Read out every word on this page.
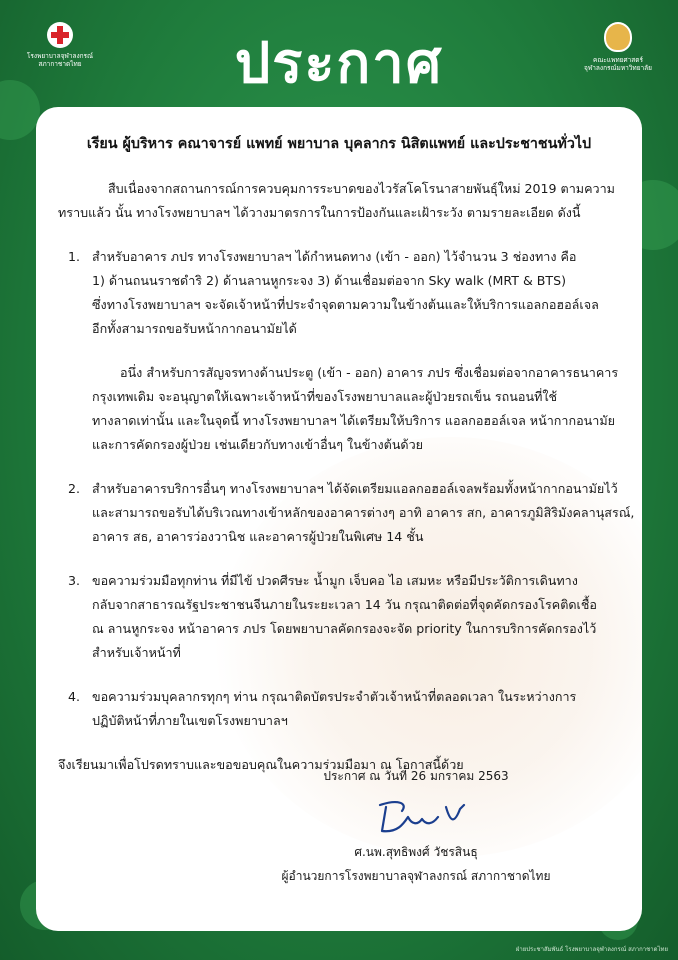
โรงพยาบาลจุฬาลงกรณ์
สภากาชาดไทย	ประกาศ	คณะแพทยศาสตร์
จุฬาลงกรณ์มหาวิทยาลัย
เรียน ผู้บริหาร คณาจารย์ แพทย์ พยาบาล บุคลากร นิสิตแพทย์ และประชาชนทั่วไป
สืบเนื่องจากสถานการณ์การควบคุมการระบาดของไวรัสโคโรนาสายพันธุ์ใหม่ 2019 ตามความ
ทราบแล้ว นั้น ทางโรงพยาบาลฯ ได้วางมาตรการในการป้องกันและเฝ้าระวัง ตามรายละเอียด ดังนี้
1. สำหรับอาคาร ภปร ทางโรงพยาบาลฯ ได้กำหนดทาง (เข้า - ออก) ไว้จำนวน 3 ช่องทาง คือ
1) ด้านถนนราชดำริ 2) ด้านลานหูกระจง 3) ด้านเชื่อมต่อจาก Sky walk (MRT & BTS)
ซึ่งทางโรงพยาบาลฯ จะจัดเจ้าหน้าที่ประจำจุดตามความในข้างต้นและให้บริการแอลกอฮอล์เจล
อีกทั้งสามารถขอรับหน้ากากอนามัยได้
อนึ่ง สำหรับการสัญจรทางด้านประตู (เข้า - ออก) อาคาร ภปร ซึ่งเชื่อมต่อจากอาคารธนาคาร
กรุงเทพเดิม จะอนุญาตให้เฉพาะเจ้าหน้าที่ของโรงพยาบาลและผู้ป่วยรถเข็น รถนอนที่ใช้
ทางลาดเท่านั้น และในจุดนี้ ทางโรงพยาบาลฯ ได้เตรียมให้บริการ แอลกอฮอล์เจล หน้ากากอนามัย
และการคัดกรองผู้ป่วย เช่นเดียวกับทางเข้าอื่นๆ ในข้างต้นด้วย
2. สำหรับอาคารบริการอื่นๆ ทางโรงพยาบาลฯ ได้จัดเตรียมแอลกอฮอล์เจลพร้อมทั้งหน้ากากอนามัยไว้
และสามารถขอรับได้บริเวณทางเข้าหลักของอาคารต่างๆ อาทิ อาคาร สก, อาคารภูมิสิริมังคลานุสรณ์,
อาคาร สธ, อาคารว่องวานิช และอาคารผู้ป่วยในพิเศษ 14 ชั้น
3. ขอความร่วมมือทุกท่าน ที่มีไข้ ปวดศีรษะ น้ำมูก เจ็บคอ ไอ เสมหะ หรือมีประวัติการเดินทาง
กลับจากสาธารณรัฐประชาชนจีนภายในระยะเวลา 14 วัน กรุณาติดต่อที่จุดคัดกรองโรคติดเชื้อ
ณ ลานหูกระจง หน้าอาคาร ภปร โดยพยาบาลคัดกรองจะจัด priority ในการบริการคัดกรองไว้
สำหรับเจ้าหน้าที่
4. ขอความร่วมบุคลากรทุกๆ ท่าน กรุณาติดบัตรประจำตัวเจ้าหน้าที่ตลอดเวลา ในระหว่างการ
ปฏิบัติหน้าที่ภายในเขตโรงพยาบาลฯ
จึงเรียนมาเพื่อโปรดทราบและขอขอบคุณในความร่วมมือมา ณ โอกาสนี้ด้วย
ประกาศ ณ วันที่ 26 มกราคม 2563
ศ.นพ.สุทธิพงศ์ วัชรสินธุ
ผู้อำนวยการโรงพยาบาลจุฬาลงกรณ์ สภากาชาดไทย
ฝ่ายประชาสัมพันธ์ โรงพยาบาลจุฬาลงกรณ์ สภากาชาดไทย
